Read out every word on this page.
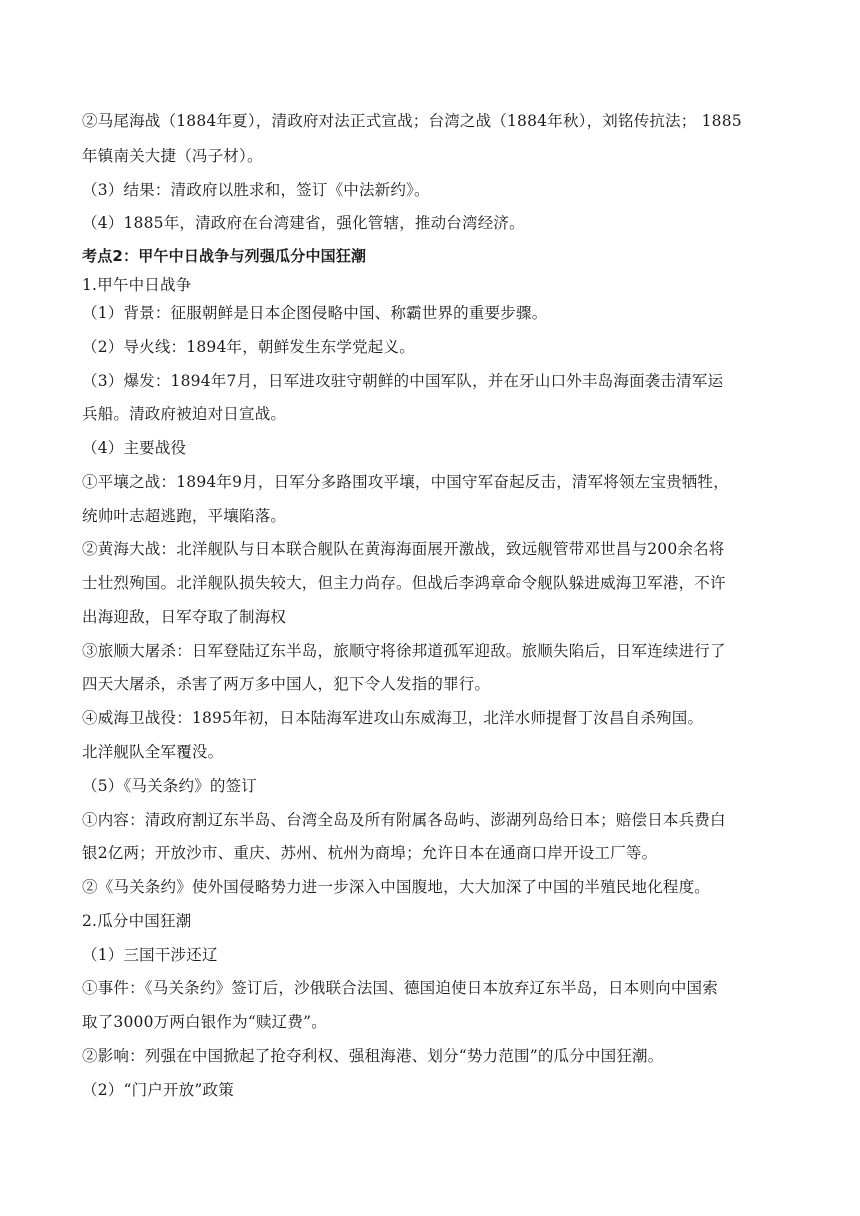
②马尾海战（1884年夏），清政府对法正式宣战；台湾之战（1884年秋），刘铭传抗法； 1885
年镇南关大捷（冯子材）。
（3）结果：清政府以胜求和，签订《中法新约》。
（4）1885年，清政府在台湾建省，强化管辖，推动台湾经济。
考点2：甲午中日战争与列强瓜分中国狂潮
1.甲午中日战争
（1）背景：征服朝鲜是日本企图侵略中国、称霸世界的重要步骤。
（2）导火线：1894年，朝鲜发生东学党起义。
（3）爆发：1894年7月，日军进攻驻守朝鲜的中国军队，并在牙山口外丰岛海面袭击清军运
兵船。清政府被迫对日宣战。
（4）主要战役
①平壤之战：1894年9月，日军分多路围攻平壤，中国守军奋起反击，清军将领左宝贵牺牲，
统帅叶志超逃跑，平壤陷落。
②黄海大战：北洋舰队与日本联合舰队在黄海海面展开激战，致远舰管带邓世昌与200余名将
士壮烈殉国。北洋舰队损失较大，但主力尚存。但战后李鸿章命令舰队躲进威海卫军港，不许
出海迎敌，日军夺取了制海权
③旅顺大屠杀：日军登陆辽东半岛，旅顺守将徐邦道孤军迎敌。旅顺失陷后，日军连续进行了
四天大屠杀，杀害了两万多中国人，犯下令人发指的罪行。
④威海卫战役：1895年初，日本陆海军进攻山东威海卫，北洋水师提督丁汝昌自杀殉国。
北洋舰队全军覆没。
（5）《马关条约》的签订
①内容：清政府割辽东半岛、台湾全岛及所有附属各岛屿、澎湖列岛给日本；赔偿日本兵费白
银2亿两；开放沙市、重庆、苏州、杭州为商埠；允许日本在通商口岸开设工厂等。
②《马关条约》使外国侵略势力进一步深入中国腹地，大大加深了中国的半殖民地化程度。
2.瓜分中国狂潮
（1）三国干涉还辽
①事件：《马关条约》签订后，沙俄联合法国、德国迫使日本放弃辽东半岛，日本则向中国索
取了3000万两白银作为“赎辽费”。
②影响：列强在中国掀起了抢夺利权、强租海港、划分“势力范围”的瓜分中国狂潮。
（2）“门户开放”政策
